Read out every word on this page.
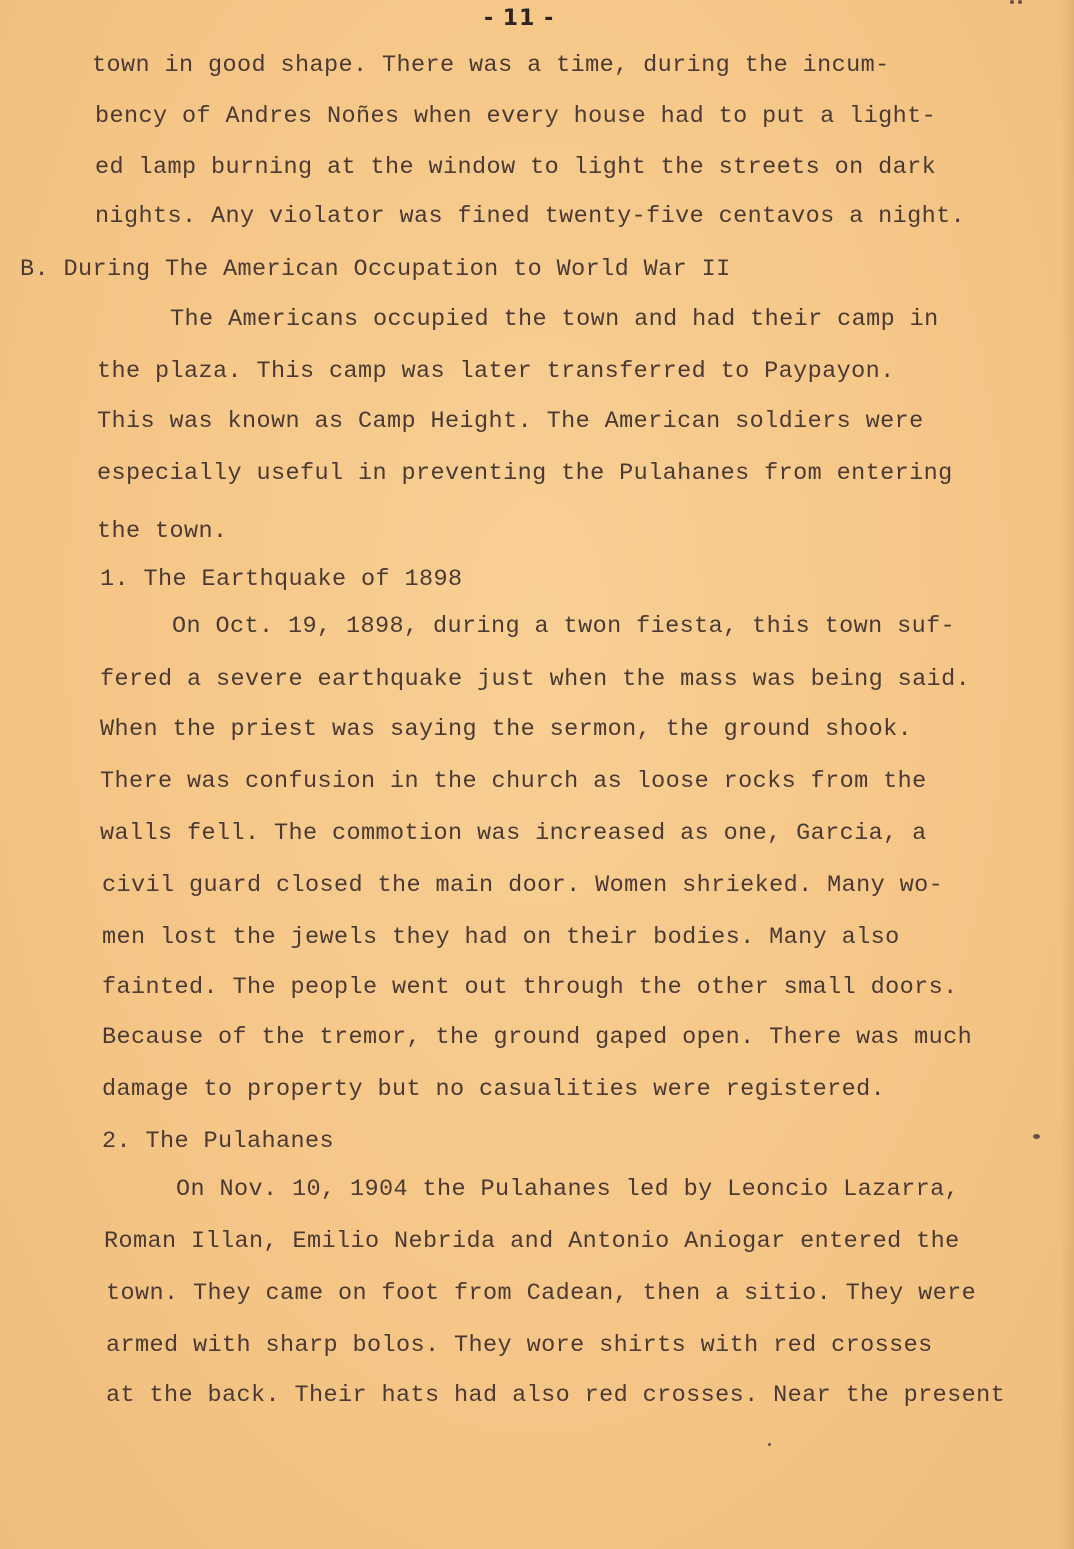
- 11 -
town in good shape. There was a time, during the incum-
bency of Andres Noñes when every house had to put a light-
ed lamp burning at the window to light the streets on dark
nights. Any violator was fined twenty-five centavos a night.
B. During The American Occupation to World War II
The Americans occupied the town and had their camp in
the plaza. This camp was later transferred to Paypayon.
This was known as Camp Height. The American soldiers were
especially useful in preventing the Pulahanes from entering
the town.
1. The Earthquake of 1898
On Oct. 19, 1898, during a twon fiesta, this town suf-
fered a severe earthquake just when the mass was being said.
When the priest was saying the sermon, the ground shook.
There was confusion in the church as loose rocks from the
walls fell. The commotion was increased as one, Garcia, a
civil guard closed the main door. Women shrieked. Many wo-
men lost the jewels they had on their bodies. Many also
fainted. The people went out through the other small doors.
Because of the tremor, the ground gaped open. There was much
damage to property but no casualities were registered.
2. The Pulahanes
On Nov. 10, 1904 the Pulahanes led by Leoncio Lazarra,
Roman Illan, Emilio Nebrida and Antonio Aniogar entered the
town. They came on foot from Cadean, then a sitio. They were
armed with sharp bolos. They wore shirts with red crosses
at the back. Their hats had also red crosses. Near the present
